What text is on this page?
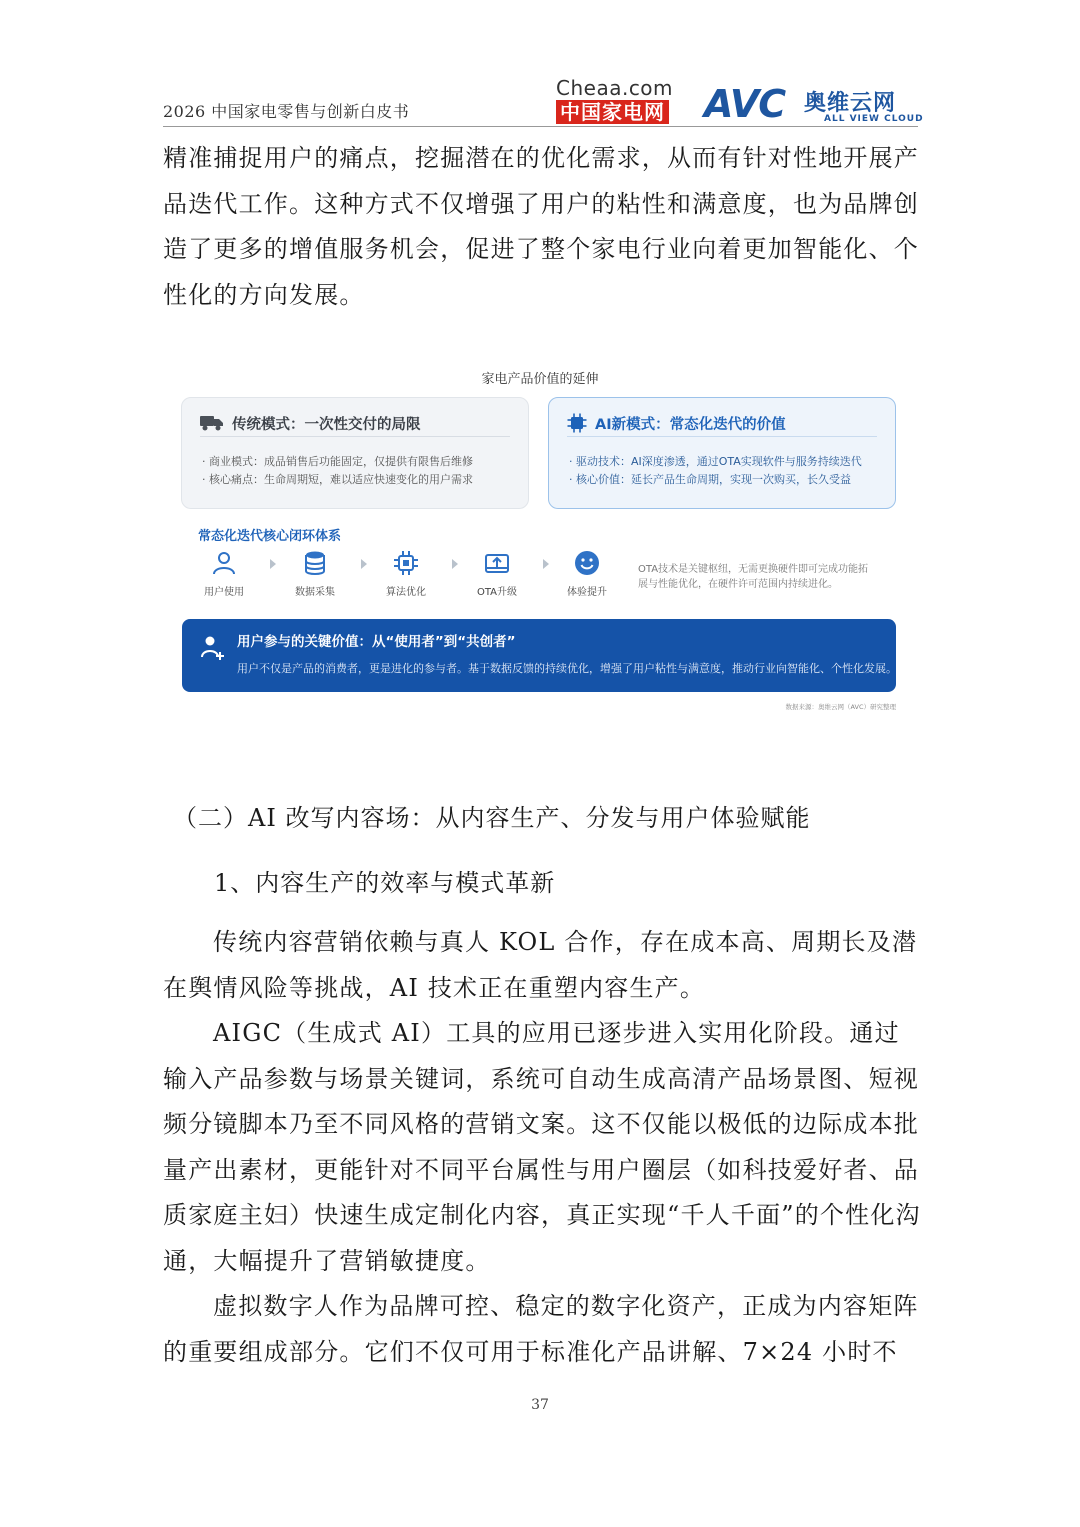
2026 中国家电零售与创新白皮书
Cheaa.com
中国家电网	AVC 奥维云网
ALL VIEW CLOUD
精准捕捉用户的痛点，挖掘潜在的优化需求，从而有针对性地开展产品迭代工作。这种方式不仅增强了用户的粘性和满意度，也为品牌创造了更多的增值服务机会，促进了整个家电行业向着更加智能化、个性化的方向发展。
家电产品价值的延伸
传统模式：一次性交付的局限
· 商业模式：成品销售后功能固定，仅提供有限售后维修
· 核心痛点：生命周期短，难以适应快速变化的用户需求
AI新模式：常态化迭代的价值
· 驱动技术：AI深度渗透，通过OTA实现软件与服务持续迭代
· 核心价值：延长产品生命周期，实现一次购买，长久受益
常态化迭代核心闭环体系
用户使用	数据采集	算法优化	OTA升级	体验提升
OTA技术是关键枢纽，无需更换硬件即可完成功能拓展与性能优化，在硬件许可范围内持续进化。
用户参与的关键价值：从“使用者”到“共创者”
用户不仅是产品的消费者，更是进化的参与者。基于数据反馈的持续优化，增强了用户粘性与满意度，推动行业向智能化、个性化发展。
数据来源：奥维云网（AVC）研究整理
（二）AI 改写内容场：从内容生产、分发与用户体验赋能
1、内容生产的效率与模式革新
传统内容营销依赖与真人 KOL 合作，存在成本高、周期长及潜在舆情风险等挑战，AI 技术正在重塑内容生产。
AIGC（生成式 AI）工具的应用已逐步进入实用化阶段。通过输入产品参数与场景关键词，系统可自动生成高清产品场景图、短视频分镜脚本乃至不同风格的营销文案。这不仅能以极低的边际成本批量产出素材，更能针对不同平台属性与用户圈层（如科技爱好者、品质家庭主妇）快速生成定制化内容，真正实现“千人千面”的个性化沟通，大幅提升了营销敏捷度。
虚拟数字人作为品牌可控、稳定的数字化资产，正成为内容矩阵的重要组成部分。它们不仅可用于标准化产品讲解、7×24 小时不
37
